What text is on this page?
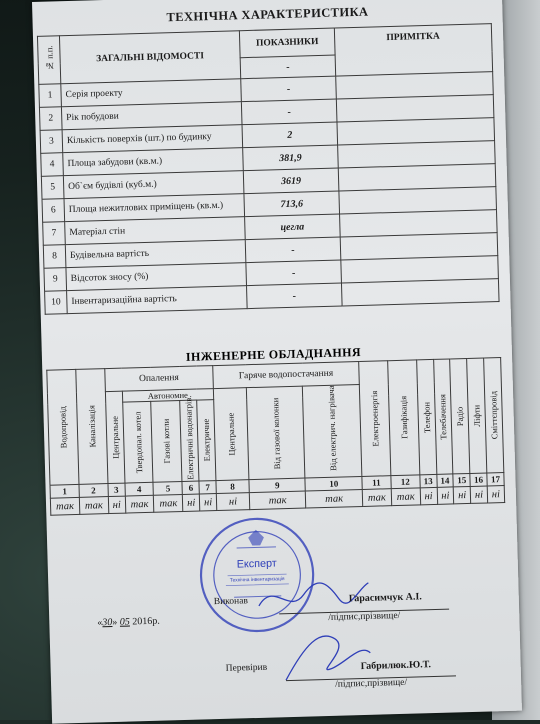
ТЕХНІЧНА ХАРАКТЕРИСТИКА
№ п.п.	ЗАГАЛЬНІ ВІДОМОСТІ	ПОКАЗНИКИ	ПРИМІТКА
		-	
1	Серія проекту	-	
2	Рік побудови	-	
3	Кількість поверхів (шт.) по будинку	2	
4	Площа забудови (кв.м.)	381,9	
5	Об`єм будівлі (куб.м.)	3619	
6	Площа нежитлових приміщень (кв.м.)	713,6	
7	Матеріал стін	цегла	
8	Будівельна вартість	-	
9	Відсоток зносу (%)	-	
10	Інвентаризаційна вартість	-	
ІНЖЕНЕРНЕ ОБЛАДНАННЯ
Водопровід	Каналізація	Опалення					Гаряче водопостачання			Електроенергія	Газифікація	Телефон	Телебачення	Радіо	Ліфти	Сміттєпровід

		Центральне	Автономне				Центральне	Від газової колонки	Від електрич. нагрівача							

			Твердопал. котел	Газові котли	Електричні водонагрів.	Електричне										

1	2	3	4	5	6	7	8	9	10	11	12	13	14	15	16	17
так	так	ні	так	так	ні	ні	ні	так	так	так	так	ні	ні	ні	ні	ні
Експерт
Технічна інвентаризація
Виконав	Гарасимчук А.І.
/підпис,прізвище/
«30» 05 2016р.
Перевірив	Габрилюк.Ю.Т.
/підпис,прізвище/
